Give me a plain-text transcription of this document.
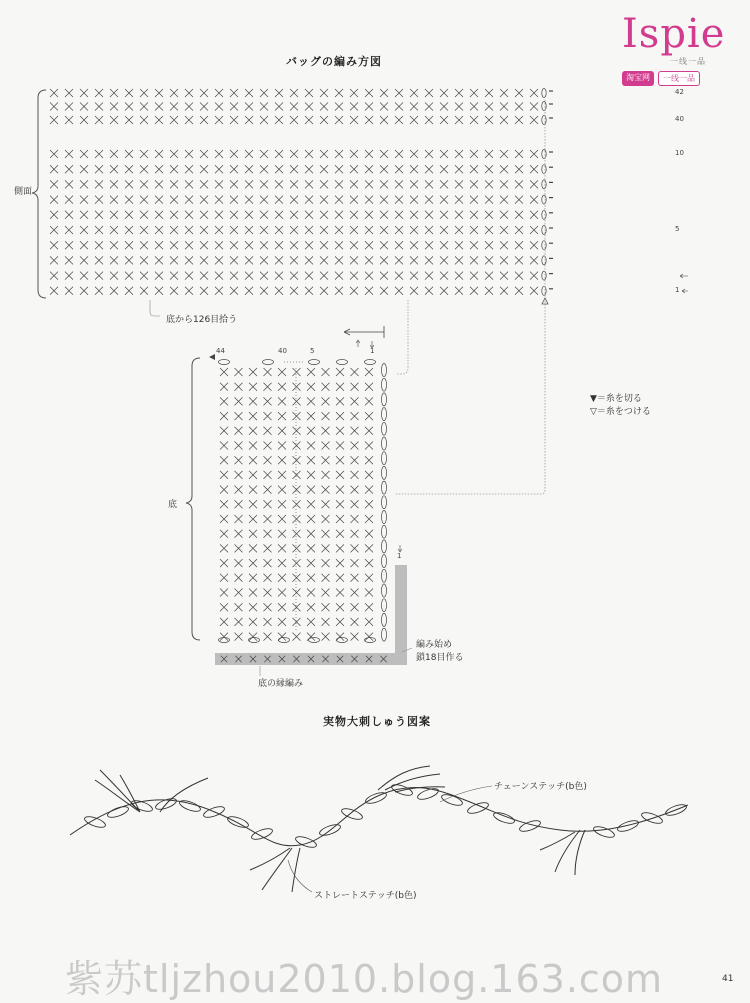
Ispie
一线一品
淘宝网	一线一品
バッグの編み方図
側面
42
40
10
5
1
底から126目拾う
44	40	5	1
1
底
編み始め
鎖18目作る
底の縁編み
▼＝糸を切る
▽＝糸をつける
実物大刺しゅう図案
チェーンステッチ(b色)
ストレートステッチ(b色)
紫苏tljzhou2010.blog.163.com	41
